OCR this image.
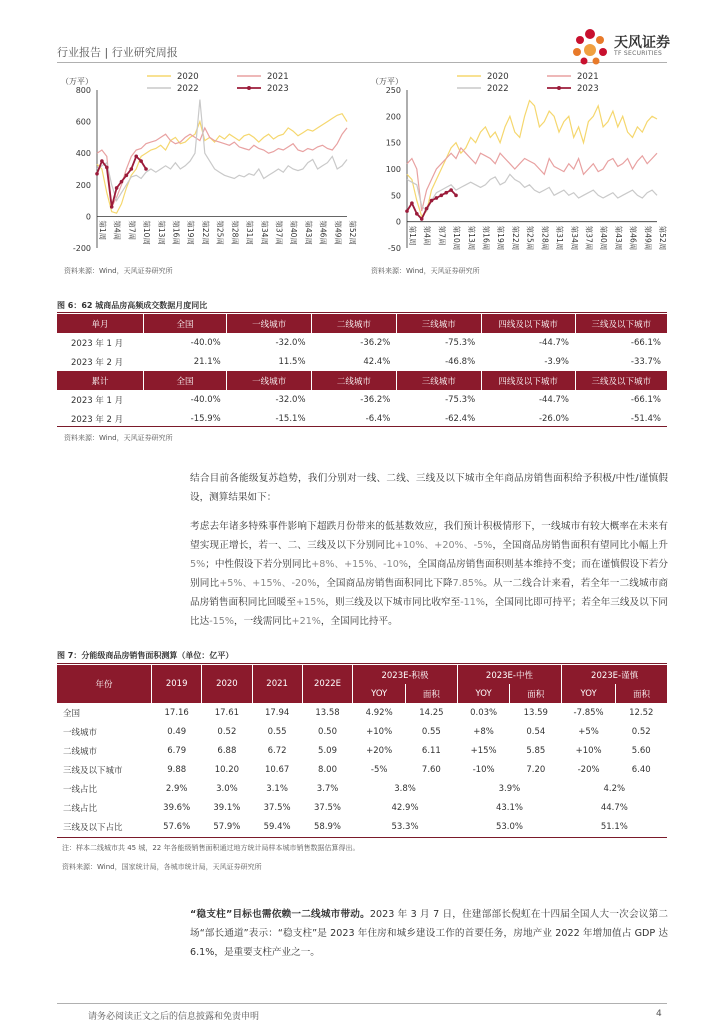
行业报告 | 行业研究周报
天风证券
TF SECURITIES
（万平）
800
600
400
200
0
-200
第1周 第4周 第7周 第10周 第13周 第16周 第19周 第22周 第25周 第28周 第31周 第34周 第37周 第40周 第43周 第46周 第49周 第52周
2020	2021
2022	2023
（万平）
250
200
150
100
50
0
-50
第1周 第4周 第7周 第10周 第13周 第16周 第19周 第22周 第25周 第28周 第31周 第34周 第37周 第40周 第43周 第46周 第49周 第52周
2020	2021
2022	2023
资料来源：Wind，天风证券研究所	资料来源：Wind，天风证券研究所
图 6：62 城商品房高频成交数据月度同比
单月	全国	一线城市	二线城市	三线城市	四线及以下城市	三线及以下城市
2023 年 1 月	-40.0%	-32.0%	-36.2%	-75.3%	-44.7%	-66.1%
2023 年 2 月	21.1%	11.5%	42.4%	-46.8%	-3.9%	-33.7%
累计	全国	一线城市	二线城市	三线城市	四线及以下城市	三线及以下城市
2023 年 1 月	-40.0%	-32.0%	-36.2%	-75.3%	-44.7%	-66.1%
2023 年 2 月	-15.9%	-15.1%	-6.4%	-62.4%	-26.0%	-51.4%
资料来源：Wind，天风证券研究所
结合目前各能级复苏趋势，我们分别对一线、二线、三线及以下城市全年商品房销售面积给予积极/中性/谨慎假设，测算结果如下：
考虑去年诸多特殊事件影响下超跌月份带来的低基数效应，我们预计积极情形下，一线城市有较大概率在未来有望实现正增长，若一、二、三线及以下分别同比+10%、+20%、-5%，全国商品房销售面积有望同比小幅上升5%；中性假设下若分别同比+8%、+15%、-10%，全国商品房销售面积则基本维持不变；而在谨慎假设下若分别同比+5%、+15%、-20%，全国商品房销售面积同比下降7.85%。从一二线合计来看，若全年一二线城市商品房销售面积同比回暖至+15%，则三线及以下城市同比收窄至-11%，全国同比即可持平；若全年三线及以下同比达-15%，一线需同比+21%，全国同比持平。
图 7：分能级商品房销售面积测算（单位：亿平）
年份	2019	2020	2021	2022E	2023E-积极		2023E-中性		2023E-谨慎	
					YOY	面积	YOY	面积	YOY	面积
全国	17.16	17.61	17.94	13.58	4.92%	14.25	0.03%	13.59	-7.85%	12.52
一线城市	0.49	0.52	0.55	0.50	+10%	0.55	+8%	0.54	+5%	0.52
二线城市	6.79	6.88	6.72	5.09	+20%	6.11	+15%	5.85	+10%	5.60
三线及以下城市	9.88	10.20	10.67	8.00	-5%	7.60	-10%	7.20	-20%	6.40
一线占比	2.9%	3.0%	3.1%	3.7%	3.8%		3.9%		4.2%	
二线占比	39.6%	39.1%	37.5%	37.5%	42.9%		43.1%		44.7%	
三线及以下占比	57.6%	57.9%	59.4%	58.9%	53.3%		53.0%		51.1%	
注：样本二线城市共 45 城，22 年各能级销售面积通过地方统计局样本城市销售数据估算得出。
资料来源：Wind，国家统计局，各城市统计局，天风证券研究所
“稳支柱”目标也需依赖一二线城市带动。2023 年 3 月 7 日，住建部部长倪虹在十四届全国人大一次会议第二场“部长通道”表示：“稳支柱”是 2023 年住房和城乡建设工作的首要任务，房地产业 2022 年增加值占 GDP 达 6.1%，是重要支柱产业之一。
请务必阅读正文之后的信息披露和免责申明	4
